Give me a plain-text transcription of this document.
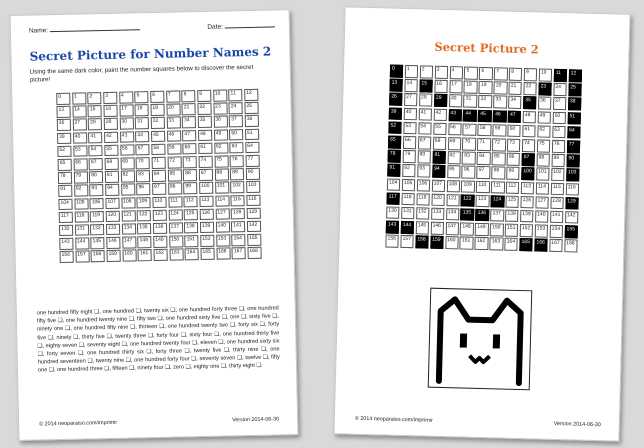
Name:	Date:
Secret Picture for Number Names 2
Using the same dark color, paint the number squares below to discover the secret picture!
0	1	2	3	4	5	6	7	8	9	10	11	12
13	14	15	16	17	18	19	20	21	22	23	24	25
26	27	28	29	30	31	32	33	34	35	36	37	38
39	40	41	42	43	44	45	46	47	48	49	50	51
52	53	54	55	56	57	58	59	60	61	62	63	64
65	66	67	68	69	70	71	72	73	74	75	76	77
78	79	80	81	82	83	84	85	86	87	88	89	90
91	92	93	94	95	96	97	98	99	100	101	102	103
104	105	106	107	108	109	110	111	112	113	114	115	116
117	118	119	120	121	122	123	124	125	126	127	128	129
130	131	132	133	134	135	136	137	138	139	140	141	142
143	144	145	146	147	148	149	150	151	152	153	154	155
156	157	158	159	160	161	162	163	164	165	166	167	168
one hundred fifty eight ❑, one hundred ❑, twenty six ❑, one hundred forty three ❑, one hundred fifty five ❑, one hundred twenty nine ❑, fifty two ❑, one hundred sixty five ❑, one ❑, sixty five ❑, ninety one ❑, one hundred fifty nine ❑, thirteen ❑, one hundred twenty two ❑, forty six ❑, forty five ❑, ninety ❑, thirty five ❑, twenty three ❑, forty four ❑, sixty four ❑, one hundred thirty five ❑, eighty seven ❑, seventy eight ❑, one hundred twenty four ❑, eleven ❑, one hundred sixty six ❑, forty seven ❑, one hundred thirty six ❑, forty three ❑, twenty five ❑, thirty nine ❑, one hundred seventeen ❑, twenty nine ❑, one hundred forty four ❑, seventy seven ❑, twelve ❑, fifty one ❑, one hundred three ❑, fifteen ❑, ninety four ❑, zero ❑, eighty one ❑, thirty eight ❑
© 2014 neoparaiso.com/imprimir	Version 2014-06-30
Secret Picture 2
0	1	2	3	4	5	6	7	8	9	10	11	12
13	14	15	16	17	18	19	20	21	22	23	24	25
26	27	28	29	30	31	32	33	34	35	36	37	38
39	40	41	42	43	44	45	46	47	48	49	50	51
52	53	54	55	56	57	58	59	60	61	62	63	64
65	66	67	68	69	70	71	72	73	74	75	76	77
78	79	80	81	82	83	84	85	86	87	88	89	90
91	92	93	94	95	96	97	98	99	100	101	102	103
104	105	106	107	108	109	110	111	112	113	114	115	116
117	118	119	120	121	122	123	124	125	126	127	128	129
130	131	132	133	134	135	136	137	138	139	140	141	142
143	144	145	146	147	148	149	150	151	152	153	154	155
156	157	158	159	160	161	162	163	164	165	166	167	168
© 2014 neoparaiso.com/imprimir
Version 2014-06-30
